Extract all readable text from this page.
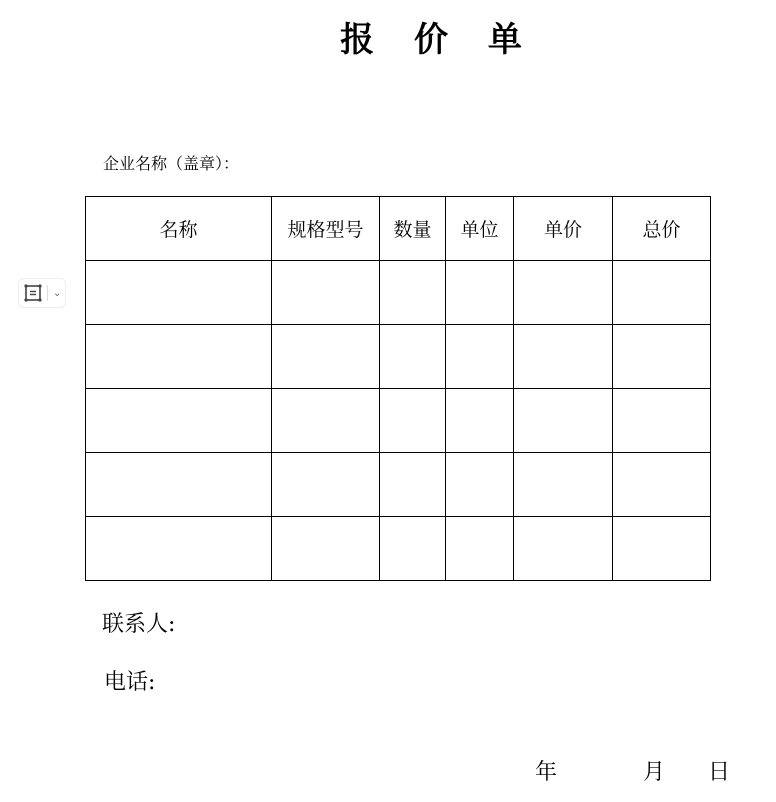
报 价 单
企业名称（盖章）：
⌄
名称	规格型号	数量	单位	单价	总价

联系人:
电话:
年	月 日
